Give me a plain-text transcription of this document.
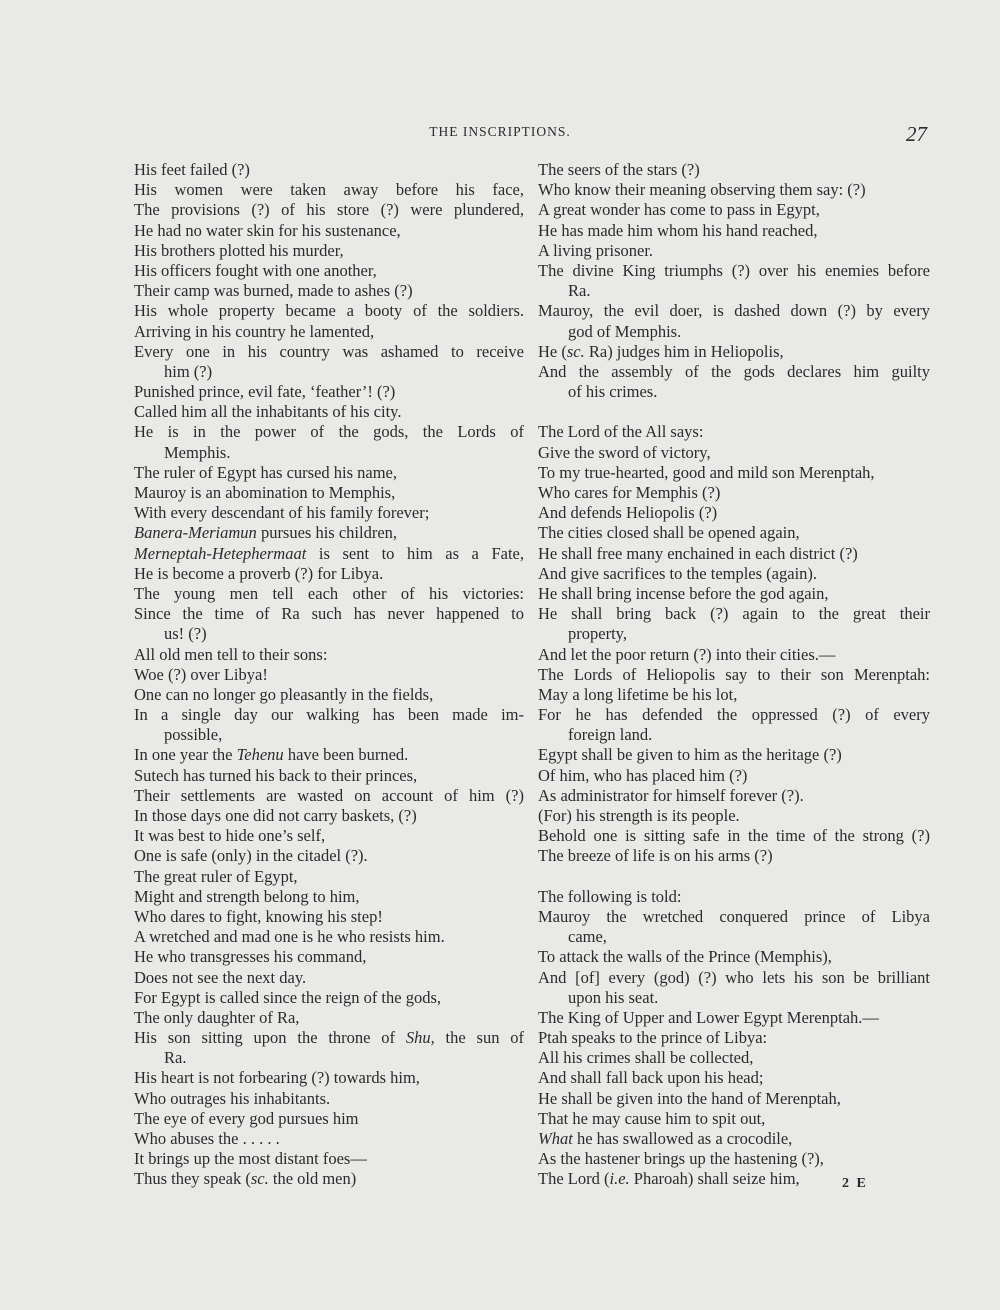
THE INSCRIPTIONS.	27
His feet failed (?)
His women were taken away before his face,
The provisions (?) of his store (?) were plundered,
He had no water skin for his sustenance,
His brothers plotted his murder,
His officers fought with one another,
Their camp was burned, made to ashes (?)
His whole property became a booty of the soldiers.
Arriving in his country he lamented,
Every one in his country was ashamed to receive
him (?)
Punished prince, evil fate, ‘feather’! (?)
Called him all the inhabitants of his city.
He is in the power of the gods, the Lords of
Memphis.
The ruler of Egypt has cursed his name,
Mauroy is an abomination to Memphis,
With every descendant of his family forever;
Banera-Meriamun pursues his children,
Merneptah-Hetephermaat is sent to him as a Fate,
He is become a proverb (?) for Libya.
The young men tell each other of his victories:
Since the time of Ra such has never happened to
us! (?)
All old men tell to their sons:
Woe (?) over Libya!
One can no longer go pleasantly in the fields,
In a single day our walking has been made im-
possible,
In one year the Tehenu have been burned.
Sutech has turned his back to their princes,
Their settlements are wasted on account of him (?)
In those days one did not carry baskets, (?)
It was best to hide one’s self,
One is safe (only) in the citadel (?).
The great ruler of Egypt,
Might and strength belong to him,
Who dares to fight, knowing his step!
A wretched and mad one is he who resists him.
He who transgresses his command,
Does not see the next day.
For Egypt is called since the reign of the gods,
The only daughter of Ra,
His son sitting upon the throne of Shu, the sun of
Ra.
His heart is not forbearing (?) towards him,
Who outrages his inhabitants.
The eye of every god pursues him
Who abuses the . . . . .
It brings up the most distant foes—
Thus they speak (sc. the old men)
The seers of the stars (?)
Who know their meaning observing them say: (?)
A great wonder has come to pass in Egypt,
He has made him whom his hand reached,
A living prisoner.
The divine King triumphs (?) over his enemies before
Ra.
Mauroy, the evil doer, is dashed down (?) by every
god of Memphis.
He (sc. Ra) judges him in Heliopolis,
And the assembly of the gods declares him guilty
of his crimes.
The Lord of the All says:
Give the sword of victory,
To my true-hearted, good and mild son Merenptah,
Who cares for Memphis (?)
And defends Heliopolis (?)
The cities closed shall be opened again,
He shall free many enchained in each district (?)
And give sacrifices to the temples (again).
He shall bring incense before the god again,
He shall bring back (?) again to the great their
property,
And let the poor return (?) into their cities.—
The Lords of Heliopolis say to their son Merenptah:
May a long lifetime be his lot,
For he has defended the oppressed (?) of every
foreign land.
Egypt shall be given to him as the heritage (?)
Of him, who has placed him (?)
As administrator for himself forever (?).
(For) his strength is its people.
Behold one is sitting safe in the time of the strong (?)
The breeze of life is on his arms (?)
The following is told:
Mauroy the wretched conquered prince of Libya
came,
To attack the walls of the Prince (Memphis),
And [of] every (god) (?) who lets his son be brilliant
upon his seat.
The King of Upper and Lower Egypt Merenptah.—
Ptah speaks to the prince of Libya:
All his crimes shall be collected,
And shall fall back upon his head;
He shall be given into the hand of Merenptah,
That he may cause him to spit out,
What he has swallowed as a crocodile,
As the hastener brings up the hastening (?),
The Lord (i.e. Pharoah) shall seize him,	2 E
